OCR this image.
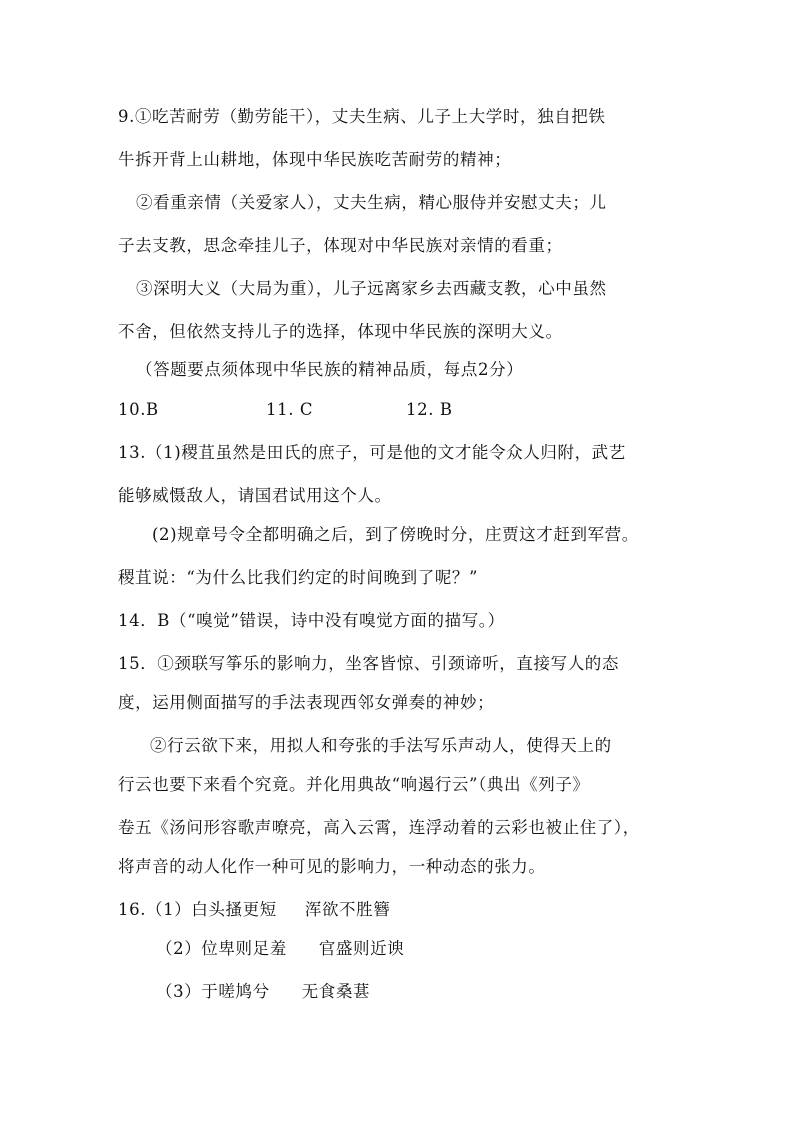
9.①吃苦耐劳（勤劳能干），丈夫生病、儿子上大学时，独自把铁
牛拆开背上山耕地，体现中华民族吃苦耐劳的精神；
②看重亲情（关爱家人），丈夫生病，精心服侍并安慰丈夫；儿
子去支教，思念牵挂儿子，体现对中华民族对亲情的看重；
③深明大义（大局为重），儿子远离家乡去西藏支教，心中虽然
不舍，但依然支持儿子的选择，体现中华民族的深明大义。
（答题要点须体现中华民族的精神品质，每点2分）
10.B	11. C	12. B
13.（1)稷苴虽然是田氏的庶子，可是他的文才能令众人归附，武艺
能够威慑敌人，请国君试用这个人。
(2)规章号令全都明确之后，到了傍晚时分，庄贾这才赶到军营。
稷苴说：“为什么比我们约定的时间晚到了呢？”
14．B（“嗅觉”错误，诗中没有嗅觉方面的描写。）
15．①颈联写筝乐的影响力，坐客皆惊、引颈谛听，直接写人的态
度，运用侧面描写的手法表现西邻女弹奏的神妙；
②行云欲下来，用拟人和夸张的手法写乐声动人，使得天上的
行云也要下来看个究竟。并化用典故“响遏行云”（典出《列子》
卷五《汤问形容歌声嘹亮，高入云霄，连浮动着的云彩也被止住了），
将声音的动人化作一种可见的影响力，一种动态的张力。
16.（1）白头搔更短 浑欲不胜簪
（2）位卑则足羞 官盛则近谀
（3）于嗟鸠兮 无食桑葚
